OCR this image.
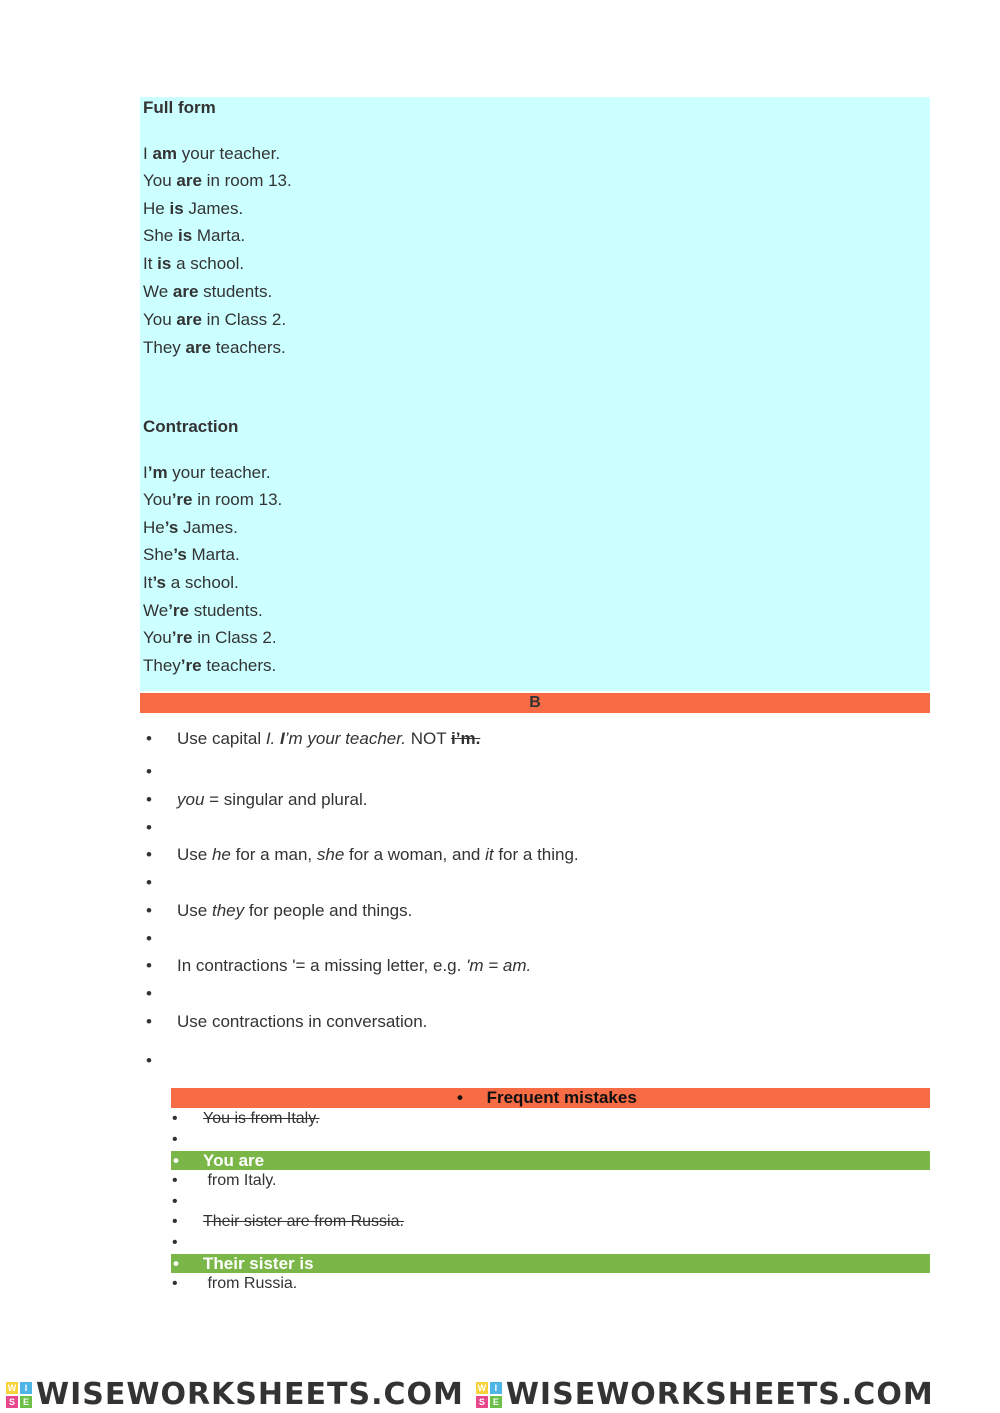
Full form
I am your teacher.
You are in room 13.
He is James.
She is Marta.
It is a school.
We are students.
You are in Class 2.
They are teachers.
Contraction
I’m your teacher.
You’re in room 13.
He’s James.
She’s Marta.
It’s a school.
We’re students.
You’re in Class 2.
They’re teachers.
B
• Use capital I. I’m your teacher. NOT i’m.
•
• you = singular and plural.
•
• Use he for a man, she for a woman, and it for a thing.
•
• Use they for people and things.
•
• In contractions '= a missing letter, e.g. 'm = am.
•
• Use contractions in conversation.
•
• Frequent mistakes
• You is from Italy.
•
• You are
• from Italy.
•
• Their sister are from Russia.
•
• Their sister is
• from Russia.
W I
S E WISEWORKSHEETS.COM W I
S E WISEWORKSHEETS.COM
